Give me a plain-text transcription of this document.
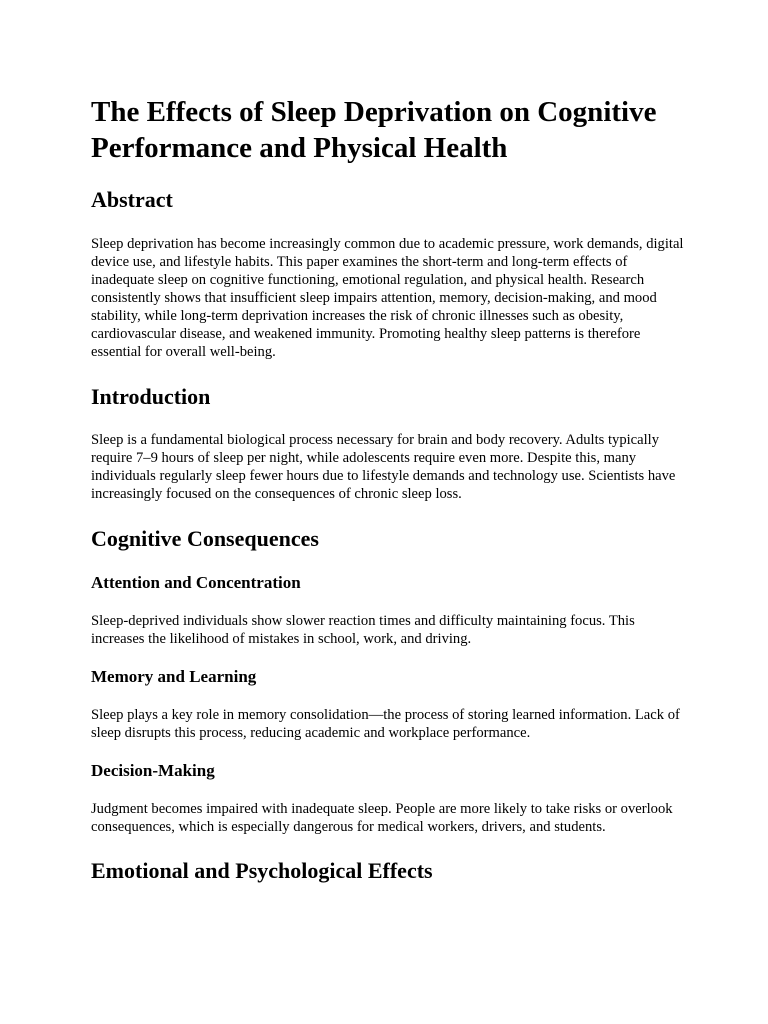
The Effects of Sleep Deprivation on Cognitive Performance and Physical Health
Abstract

Sleep deprivation has become increasingly common due to academic pressure, work demands, digital device use, and lifestyle habits. This paper examines the short-term and long-term effects of inadequate sleep on cognitive functioning, emotional regulation, and physical health. Research consistently shows that insufficient sleep impairs attention, memory, decision-making, and mood stability, while long-term deprivation increases the risk of chronic illnesses such as obesity, cardiovascular disease, and weakened immunity. Promoting healthy sleep patterns is therefore essential for overall well-being.

Introduction

Sleep is a fundamental biological process necessary for brain and body recovery. Adults typically require 7–9 hours of sleep per night, while adolescents require even more. Despite this, many individuals regularly sleep fewer hours due to lifestyle demands and technology use. Scientists have increasingly focused on the consequences of chronic sleep loss.

Cognitive Consequences
Attention and Concentration

Sleep-deprived individuals show slower reaction times and difficulty maintaining focus. This increases the likelihood of mistakes in school, work, and driving.

Memory and Learning

Sleep plays a key role in memory consolidation—the process of storing learned information. Lack of sleep disrupts this process, reducing academic and workplace performance.

Decision-Making

Judgment becomes impaired with inadequate sleep. People are more likely to take risks or overlook consequences, which is especially dangerous for medical workers, drivers, and students.

Emotional and Psychological Effects
